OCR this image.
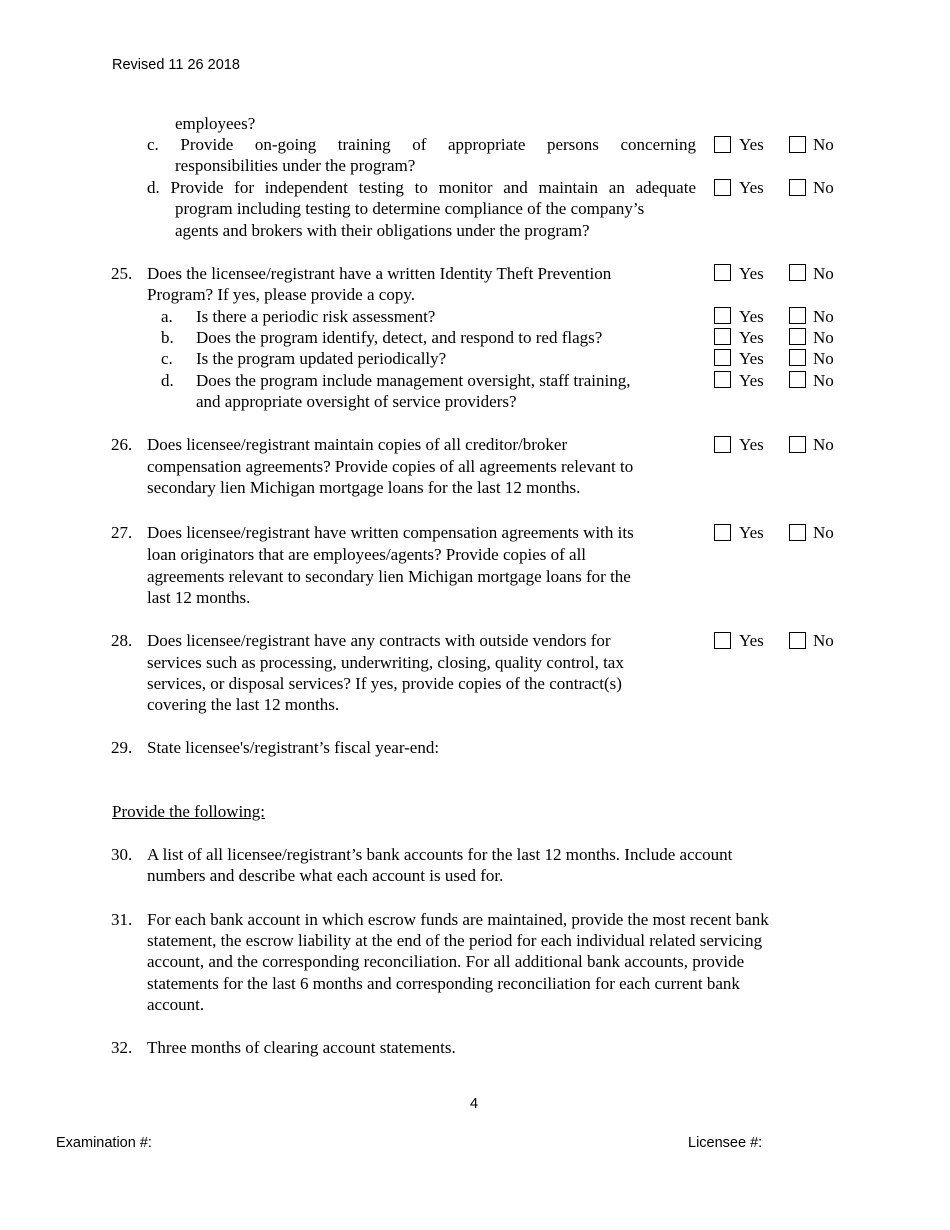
Revised 11 26 2018
employees?
c. Provide on-going training of appropriate persons concerning
responsibilities under the program?
Yes	No
d. Provide for independent testing to monitor and maintain an adequate
program including testing to determine compliance of the company’s
agents and brokers with their obligations under the program?
Yes	No
25. Does the licensee/registrant have a written Identity Theft Prevention
Program? If yes, please provide a copy.
Yes	No
a. Is there a periodic risk assessment?	Yes	No
b. Does the program identify, detect, and respond to red flags?	Yes	No
c. Is the program updated periodically?	Yes	No
d. Does the program include management oversight, staff training,
and appropriate oversight of service providers?
Yes	No
26. Does licensee/registrant maintain copies of all creditor/broker
compensation agreements? Provide copies of all agreements relevant to
secondary lien Michigan mortgage loans for the last 12 months.
Yes	No
27. Does licensee/registrant have written compensation agreements with its
loan originators that are employees/agents? Provide copies of all
agreements relevant to secondary lien Michigan mortgage loans for the
last 12 months.
Yes	No
28. Does licensee/registrant have any contracts with outside vendors for
services such as processing, underwriting, closing, quality control, tax
services, or disposal services? If yes, provide copies of the contract(s)
covering the last 12 months.
Yes	No
29. State licensee's/registrant’s fiscal year-end:
Provide the following:
30. A list of all licensee/registrant’s bank accounts for the last 12 months. Include account
numbers and describe what each account is used for.
31. For each bank account in which escrow funds are maintained, provide the most recent bank
statement, the escrow liability at the end of the period for each individual related servicing
account, and the corresponding reconciliation. For all additional bank accounts, provide
statements for the last 6 months and corresponding reconciliation for each current bank
account.
32. Three months of clearing account statements.
4
Examination #:	Licensee #:
